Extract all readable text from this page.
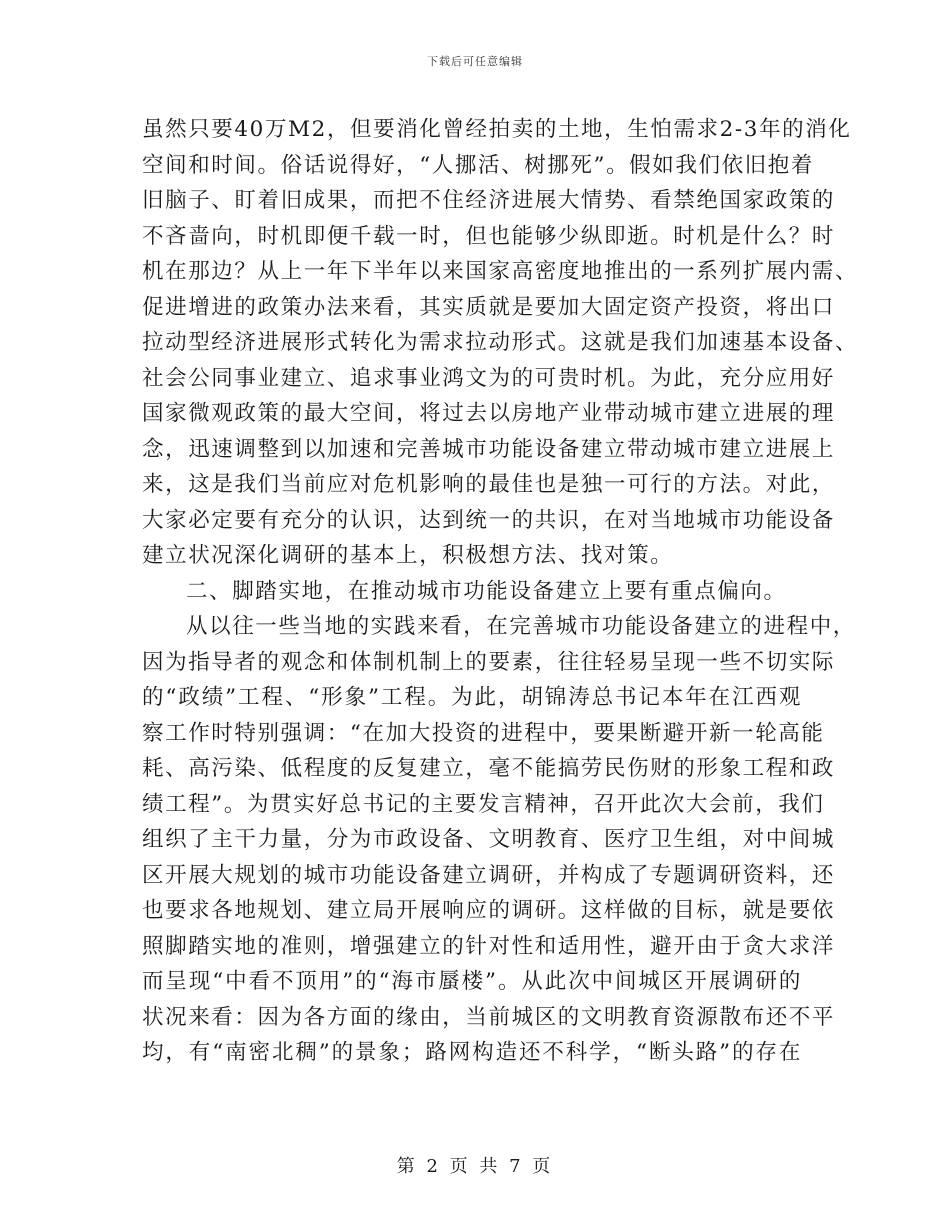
下载后可任意编辑
虽然只要40万M2，但要消化曾经拍卖的土地，生怕需求2-3年的消化
空间和时间。俗话说得好，“人挪活、树挪死”。假如我们依旧抱着
旧脑子、盯着旧成果，而把不住经济进展大情势、看禁绝国家政策的
不吝啬向，时机即便千载一时，但也能够少纵即逝。时机是什么？时
机在那边？从上一年下半年以来国家高密度地推出的一系列扩展内需、
促进增进的政策办法来看，其实质就是要加大固定资产投资，将出口
拉动型经济进展形式转化为需求拉动形式。这就是我们加速基本设备、
社会公同事业建立、追求事业鸿文为的可贵时机。为此，充分应用好
国家微观政策的最大空间，将过去以房地产业带动城市建立进展的理
念，迅速调整到以加速和完善城市功能设备建立带动城市建立进展上
来，这是我们当前应对危机影响的最佳也是独一可行的方法。对此，
大家必定要有充分的认识，达到统一的共识，在对当地城市功能设备
建立状况深化调研的基本上，积极想方法、找对策。
二、脚踏实地，在推动城市功能设备建立上要有重点偏向。
从以往一些当地的实践来看，在完善城市功能设备建立的进程中，
因为指导者的观念和体制机制上的要素，往往轻易呈现一些不切实际
的“政绩”工程、“形象”工程。为此，胡锦涛总书记本年在江西观
察工作时特别强调：“在加大投资的进程中，要果断避开新一轮高能
耗、高污染、低程度的反复建立，毫不能搞劳民伤财的形象工程和政
绩工程”。为贯实好总书记的主要发言精神，召开此次大会前，我们
组织了主干力量，分为市政设备、文明教育、医疗卫生组，对中间城
区开展大规划的城市功能设备建立调研，并构成了专题调研资料，还
也要求各地规划、建立局开展响应的调研。这样做的目标，就是要依
照脚踏实地的准则，增强建立的针对性和适用性，避开由于贪大求洋
而呈现“中看不顶用”的“海市蜃楼”。从此次中间城区开展调研的
状况来看：因为各方面的缘由，当前城区的文明教育资源散布还不平
均，有“南密北稠”的景象；路网构造还不科学，“断头路”的存在
第 2 页 共 7 页
